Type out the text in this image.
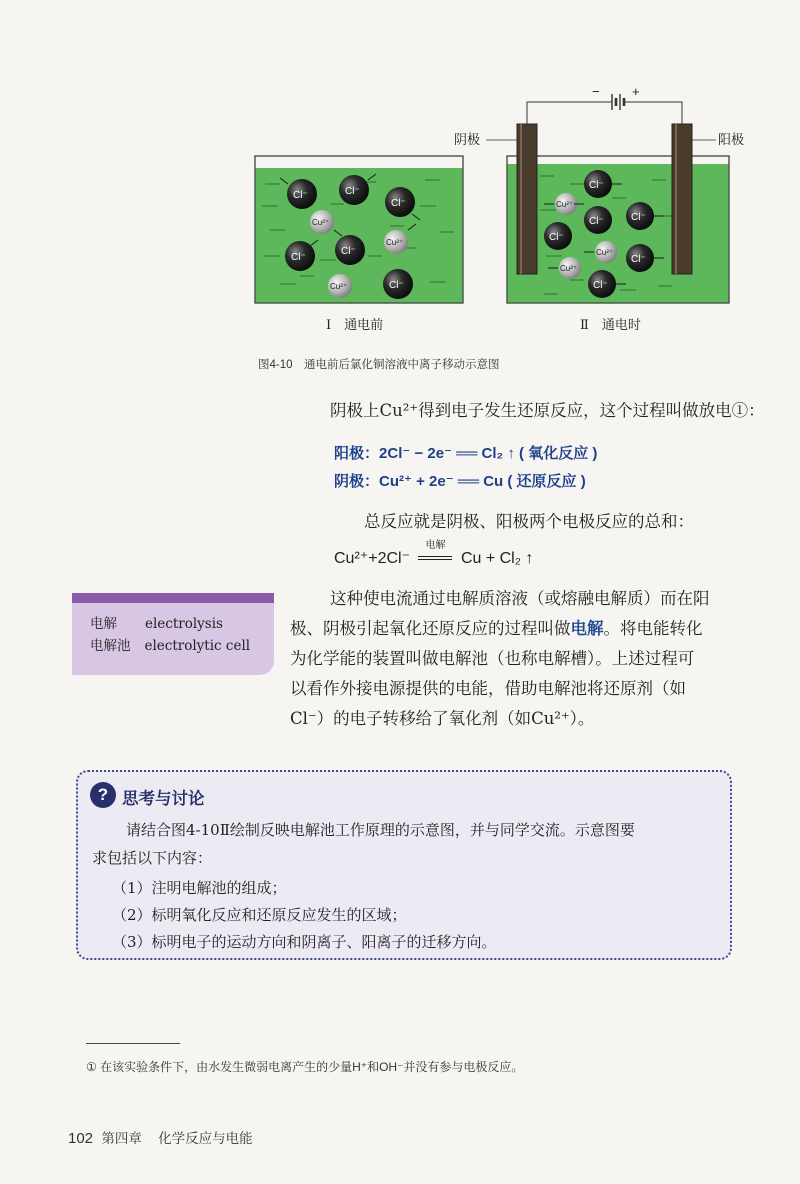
− +
阴极	阳极
Ⅰ　通电前	Ⅱ　通电时
Cl⁻	Cl⁻
Cl⁻
Cl⁻
Cl⁻
Cl⁻
Cu²⁺
Cu²⁺
Cu²⁺
Cl⁻
Cl⁻	Cl⁻
Cl⁻
Cl⁻
Cl⁻
Cu²⁺
Cu²⁺
Cu²⁺
图4-10　通电前后氯化铜溶液中离子移动示意图
阴极上Cu²⁺得到电子发生还原反应，这个过程叫做放电①：
阳极：2Cl⁻ − 2e⁻ ══ Cl₂ ↑ ( 氧化反应 )
阴极：Cu²⁺ + 2e⁻ ══ Cu ( 还原反应 )
总反应就是阴极、阳极两个电极反应的总和：
Cu²⁺+2Cl⁻
电解
Cu + Cl₂ ↑
这种使电流通过电解质溶液（或熔融电解质）而在阳
极、阴极引起氧化还原反应的过程叫做电解。将电能转化
为化学能的装置叫做电解池（也称电解槽）。上述过程可
以看作外接电源提供的电能，借助电解池将还原剂（如
Cl⁻）的电子转移给了氧化剂（如Cu²⁺）。
电解 electrolysis
电解池 electrolytic cell
? 思考与讨论
请结合图4-10Ⅱ绘制反映电解池工作原理的示意图，并与同学交流。示意图要
求包括以下内容：
（1）注明电解池的组成；
（2）标明氧化反应和还原反应发生的区域；
（3）标明电子的运动方向和阴离子、阳离子的迁移方向。
① 在该实验条件下，由水发生微弱电离产生的少量H⁺和OH⁻并没有参与电极反应。
102 第四章 化学反应与电能
